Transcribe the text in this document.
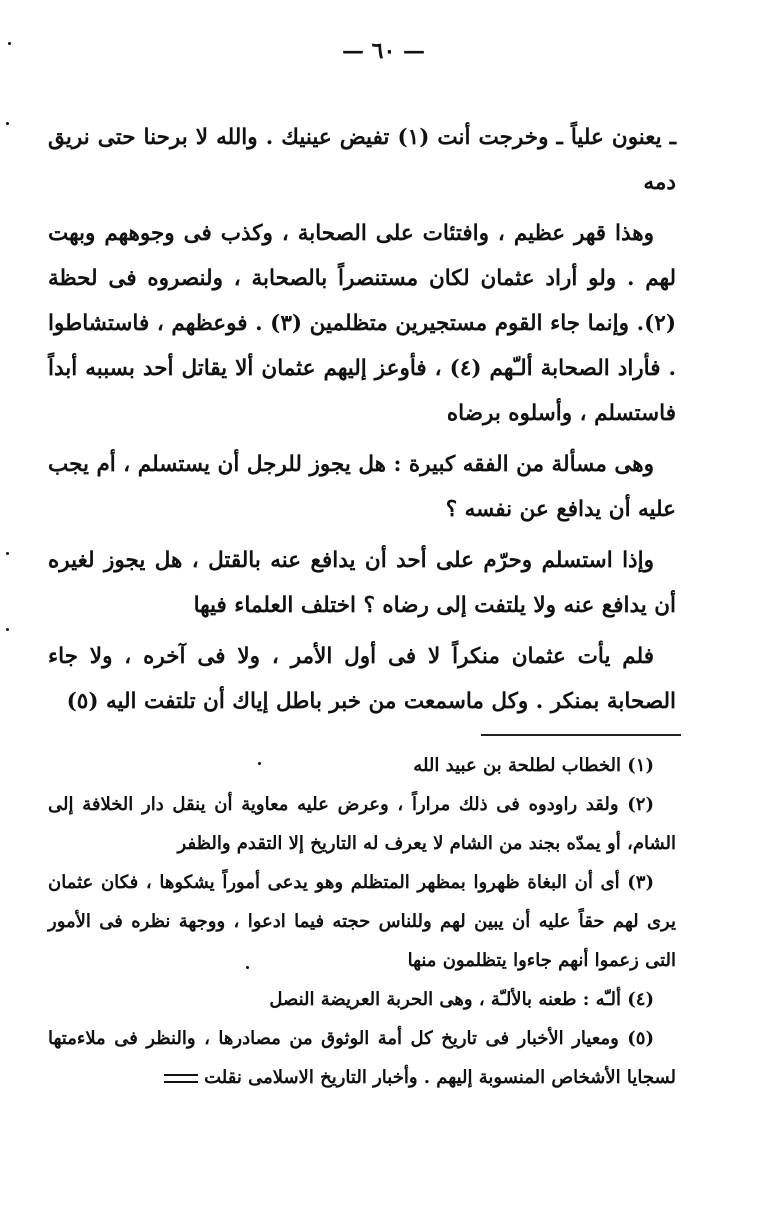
— ٦٠ —

ـ يعنون علياً ـ وخرجت أنت (١) تفيض عينيك . والله لا برحنا حتى نريق دمه

وهذا قهر عظيم ، وافتئات على الصحابة ، وكذب فى وجوههم وبهت لهم . ولو أراد عثمان لكان مستنصراً بالصحابة ، ولنصروه فى لحظة (٢). وإنما جاء القوم مستجيرين متظلمين (٣) . فوعظهم ، فاستشاطوا . فأراد الصحابة ألـّهم (٤) ، فأوعز إليهم عثمان ألا يقاتل أحد بسببه أبداً فاستسلم ، وأسلوه برضاه

وهى مسألة من الفقه كبيرة : هل يجوز للرجل أن يستسلم ، أم يجب عليه أن يدافع عن نفسه ؟

وإذا استسلم وحرّم على أحد أن يدافع عنه بالقتل ، هل يجوز لغيره أن يدافع عنه ولا يلتفت إلى رضاه ؟ اختلف العلماء فيها

فلم يأت عثمان منكراً لا فى أول الأمر ، ولا فى آخره ، ولا جاء الصحابة بمنكر . وكل ماسمعت من خبر باطل إياك أن تلتفت اليه (٥)

(١) الخطاب لطلحة بن عبيد الله

(٢) ولقد راودوه فى ذلك مراراً ، وعرض عليه معاوية أن ينقل دار الخلافة إلى الشام، أو يمدّه بجند من الشام لا يعرف له التاريخ إلا التقدم والظفر

(٣) أى أن البغاة ظهروا بمظهر المتظلم وهو يدعى أموراً يشكوها ، فكان عثمان يرى لهم حقاً عليه أن يبين لهم وللناس حجته فيما ادعوا ، ووجهة نظره فى الأمور التى زعموا أنهم جاءوا يتظلمون منها

(٤) ألـّه : طعنه بالألـّة ، وهى الحربة العريضة النصل

(٥) ومعيار الأخبار فى تاريخ كل أمة الوثوق من مصادرها ، والنظر فى ملاءمتها لسجايا الأشخاص المنسوبة إليهم . وأخبار التاريخ الاسلامى نقلت
